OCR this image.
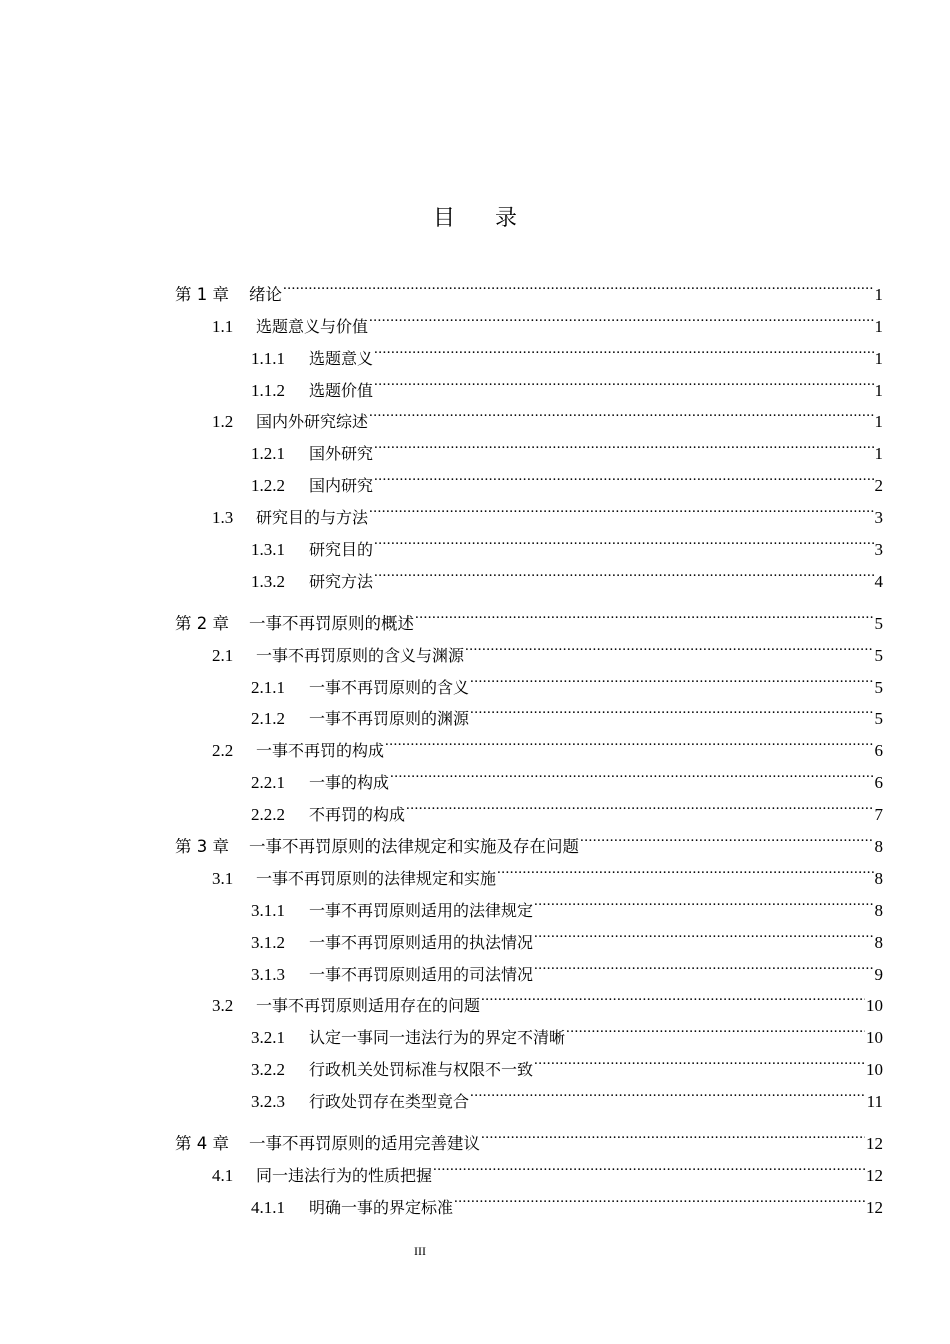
目 录
第 1 章	绪论 .....	1
1.1	选题意义与价值 .....	1
1.1.1	选题意义 .....	1
1.1.2	选题价值 .....	1
1.2	国内外研究综述 .....	1
1.2.1	国外研究 .....	1
1.2.2	国内研究 .....	2
1.3	研究目的与方法 .....	3
1.3.1	研究目的 .....	3
1.3.2	研究方法 .....	4
第 2 章	一事不再罚原则的概述 .....	5
2.1	一事不再罚原则的含义与渊源 .....	5
2.1.1	一事不再罚原则的含义 .....	5
2.1.2	一事不再罚原则的渊源 .....	5
2.2	一事不再罚的构成 .....	6
2.2.1	一事的构成 .....	6
2.2.2	不再罚的构成 .....	7
第 3 章	一事不再罚原则的法律规定和实施及存在问题 .....	8
3.1	一事不再罚原则的法律规定和实施 .....	8
3.1.1	一事不再罚原则适用的法律规定 .....	8
3.1.2	一事不再罚原则适用的执法情况 .....	8
3.1.3	一事不再罚原则适用的司法情况 .....	9
3.2	一事不再罚原则适用存在的问题 .....	10
3.2.1	认定一事同一违法行为的界定不清晰 .....	10
3.2.2	行政机关处罚标准与权限不一致 .....	10
3.2.3	行政处罚存在类型竟合 .....	11
第 4 章	一事不再罚原则的适用完善建议 .....	12
4.1	同一违法行为的性质把握 .....	12
4.1.1	明确一事的界定标准 .....	12
III
